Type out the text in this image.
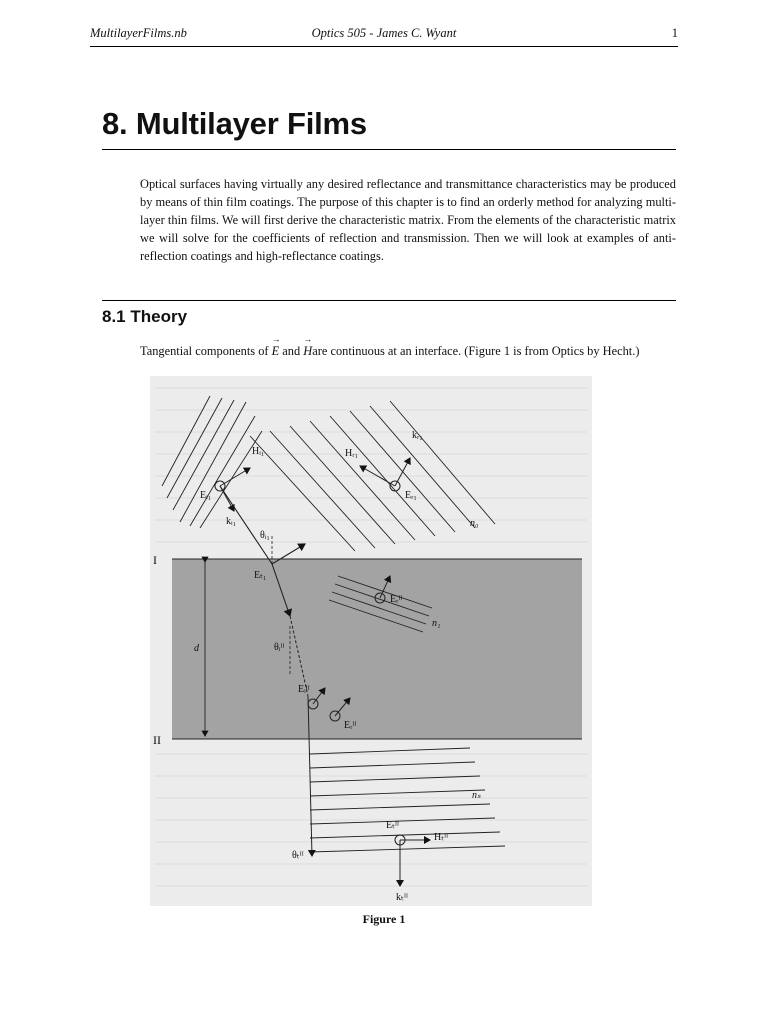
MultilayerFilms.nb	Optics 505 - James C. Wyant	1
8. Multilayer Films

Optical surfaces having virtually any desired reflectance and transmittance characteristics may be produced by means of thin film coatings. The purpose of this chapter is to find an orderly method for analyzing multi-layer thin films. We will first derive the characteristic matrix. From the elements of the characteristic matrix we will solve for the coefficients of reflection and transmission. Then we will look at examples of anti-reflection coatings and high-reflectance coatings.

8.1 Theory
Tangential components of → E and → Hare continuous at an interface. (Figure 1 is from Optics by Hecht.)
I
II
d
n₀
n₁
nₛ
Hᵢ₁
Eᵢ₁
kᵢ₁
θᵢ₁
Hᵣ₁
kᵣ₁
Eᵣ₁
Eₜ₁
Eᵣᴵᴵ
θᵢᴵᴵ
Eᵢᴵᴵ
Eᵣᴵᴵ
Eₜᴵᴵ
Hₜᴵᴵ
θₜᴵᴵ
kₜᴵᴵ
Figure 1
